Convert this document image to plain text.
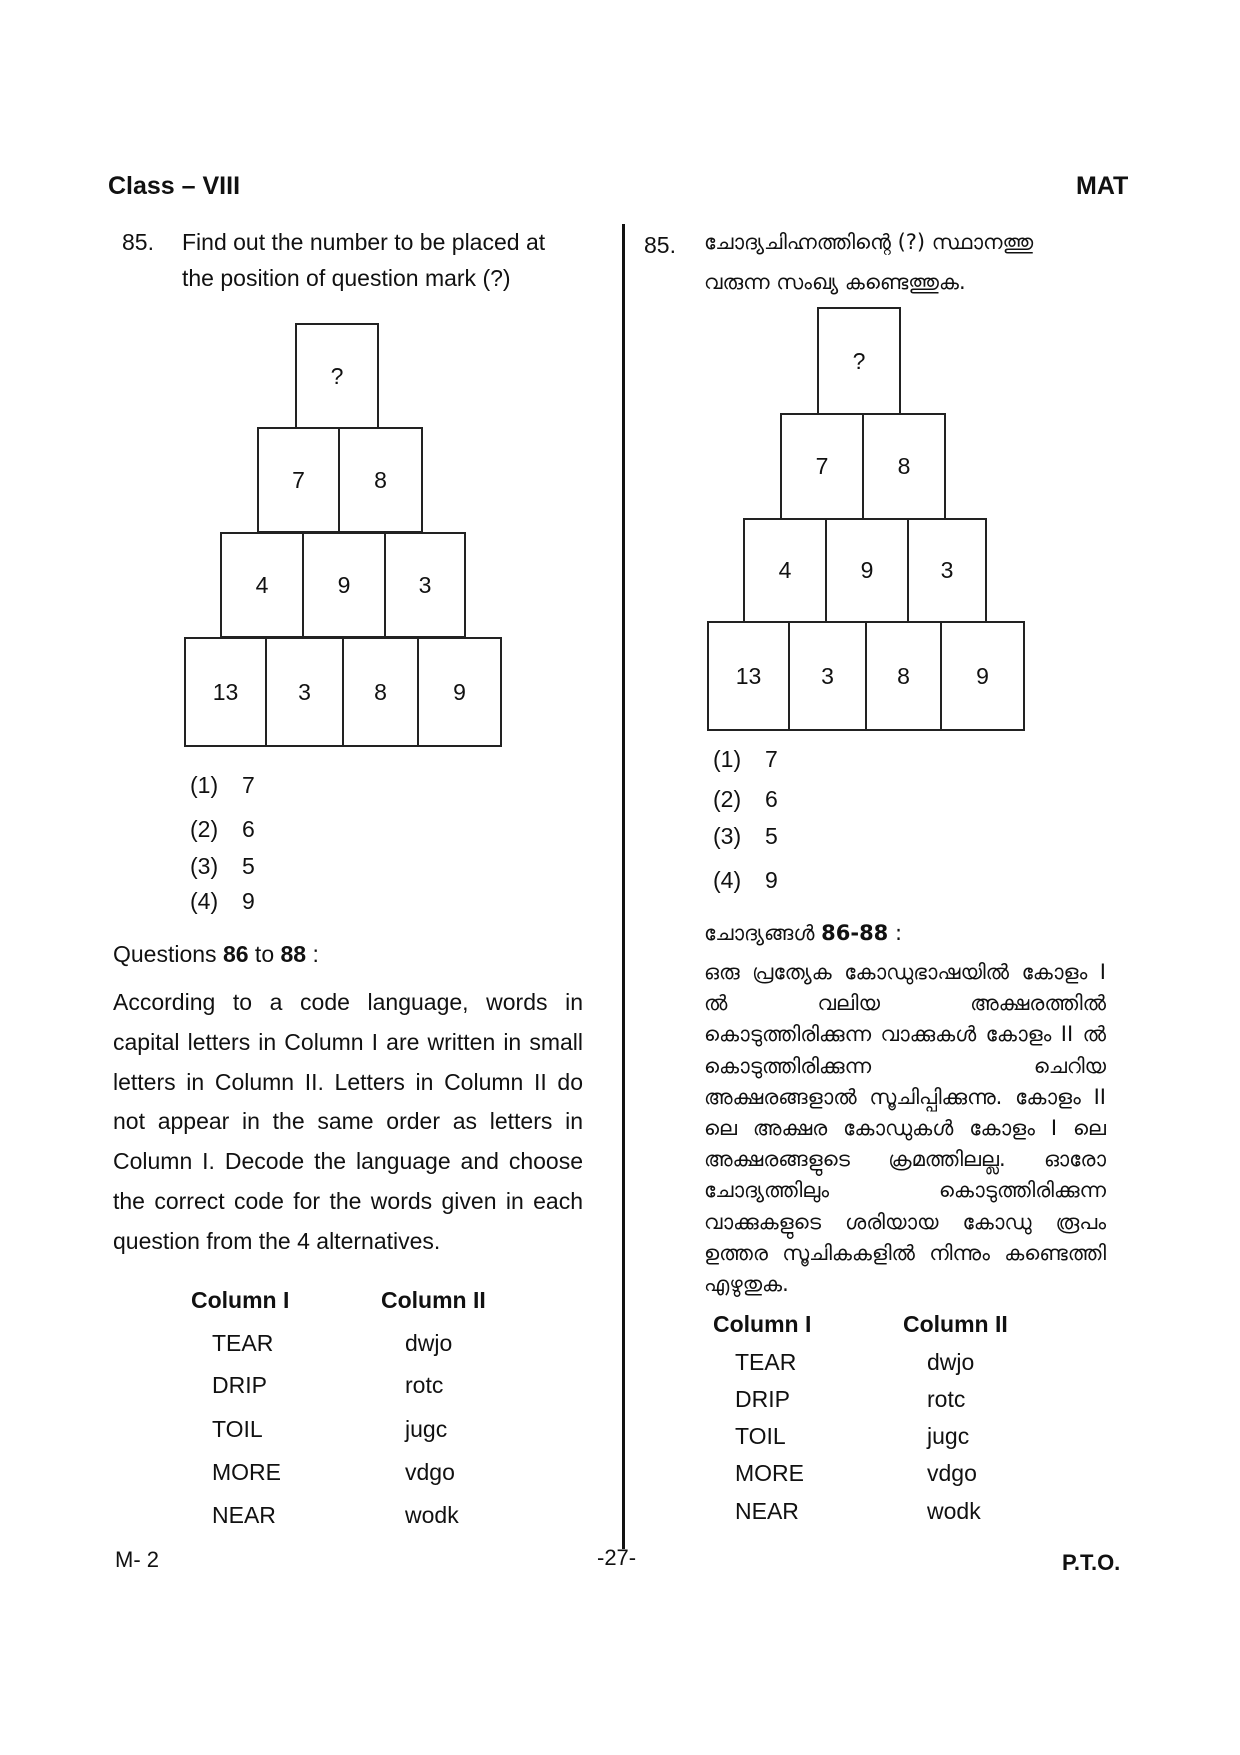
Class – VIII	MAT
85. Find out the number to be placed at
the position of question mark (?)
?
7	8
4	9	3
13	3	8	9
(1) 7
(2) 6
(3) 5
(4) 9
Questions 86 to 88 :
According to a code language, words in capital letters in Column I are written in small letters in Column II. Letters in Column II do not appear in the same order as letters in Column I. Decode the language and choose the correct code for the words given in each question from the 4 alternatives.
Column I	Column II
TEAR	dwjo
DRIP	rotc
TOIL	jugc
MORE	vdgo
NEAR	wodk
85. ചോദ്യചിഹ്നത്തിന്റെ (?) സ്ഥാനത്തു
വരുന്ന സംഖ്യ കണ്ടെത്തുക.
?
7	8
4	9	3
13	3	8	9
(1) 7
(2) 6
(3) 5
(4) 9
ചോദ്യങ്ങൾ 86-88 :
ഒരു പ്രത്യേക കോഡുഭാഷയിൽ കോളം I ൽ വലിയ അക്ഷരത്തിൽ കൊടുത്തിരിക്കുന്ന വാക്കുകൾ കോളം II ൽ കൊടുത്തിരിക്കുന്ന ചെറിയ അക്ഷരങ്ങളാൽ സൂചിപ്പിക്കുന്നു. കോളം II ലെ അക്ഷര കോഡുകൾ കോളം I ലെ അക്ഷരങ്ങളുടെ ക്രമത്തിലല്ല. ഓരോ ചോദ്യത്തിലും കൊടുത്തിരിക്കുന്ന വാക്കുകളുടെ ശരിയായ കോഡു രൂപം ഉത്തര സൂചികകളിൽ നിന്നും കണ്ടെത്തി എഴുതുക.
Column I	Column II
TEAR	dwjo
DRIP	rotc
TOIL	jugc
MORE	vdgo
NEAR	wodk
M- 2	-27-	P.T.O.
